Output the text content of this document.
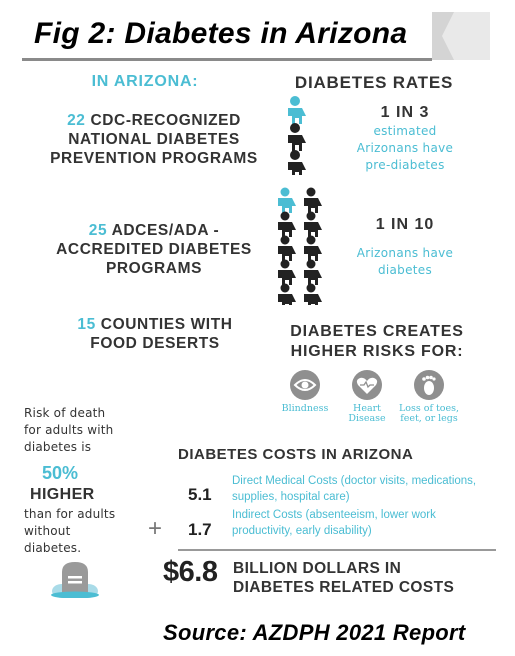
Fig 2: Diabetes in Arizona
IN ARIZONA:
22 CDC-RECOGNIZED NATIONAL DIABETES PREVENTION PROGRAMS
25 ADCES/ADA - ACCREDITED DIABETES PROGRAMS
15 COUNTIES WITH FOOD DESERTS
DIABETES RATES
1 IN 3
estimated
Arizonans have
pre-diabetes
1 IN 10
Arizonans have
diabetes
DIABETES CREATES
HIGHER RISKS FOR:
Blindness	Heart
Disease
Loss of toes,
feet, or legs
Risk of death
for adults with
diabetes is
50%
HIGHER
than for adults
without
diabetes.
DIABETES COSTS IN ARIZONA
5.1
Direct Medical Costs (doctor visits, medications,
supplies, hospital care)
+ 1.7
Indirect Costs (absenteeism, lower work
productivity, early disability)
$6.8 BILLION DOLLARS IN
DIABETES RELATED COSTS
Source: AZDPH 2021 Report
